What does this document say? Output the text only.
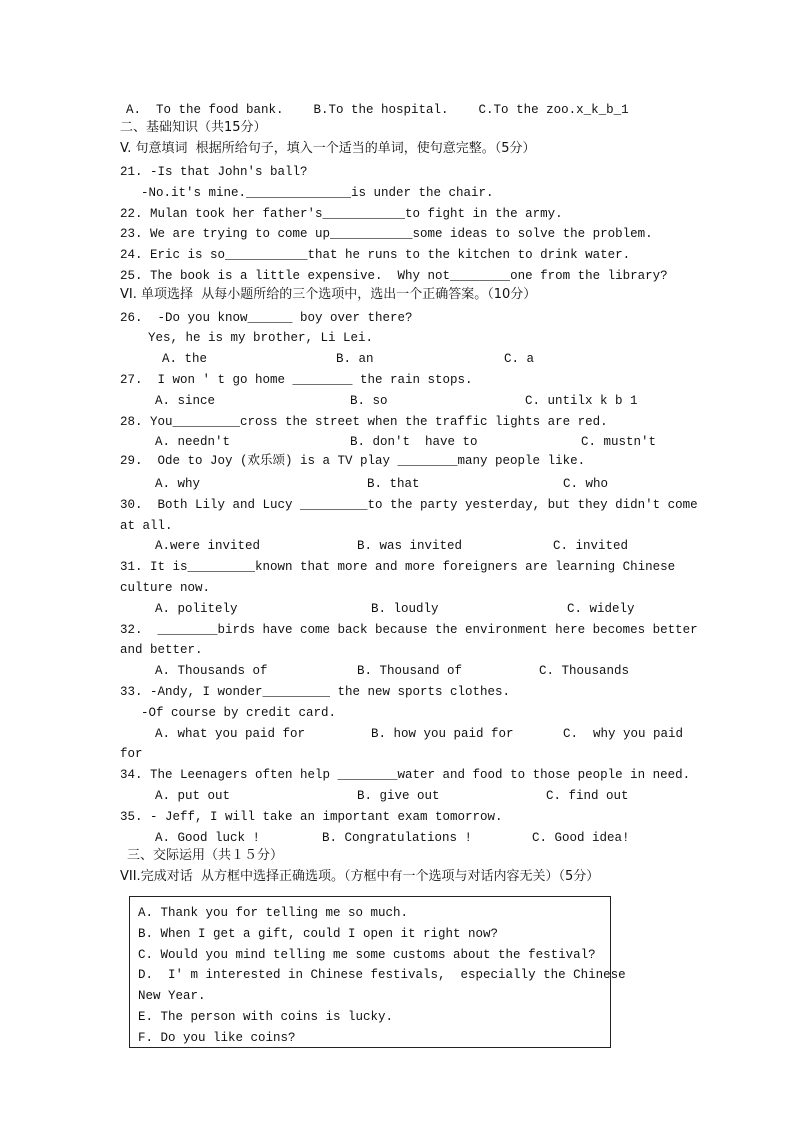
A.  To the food bank.    B.To the hospital.    C.To the zoo.x_k_b_1
二、基础知识（共15分）
V. 句意填词  根据所给句子，填入一个适当的单词，使句意完整。（5分）
21. -Is that John's ball?
-No.it's mine.______________is under the chair.
22. Mulan took her father's___________to fight in the army.
23. We are trying to come up___________some ideas to solve the problem.
24. Eric is so___________that he runs to the kitchen to drink water.
25. The book is a little expensive.  Why not________one from the library?
VI. 单项选择  从每小题所给的三个选项中，选出一个正确答案。（10分）
26.  -Do you know______ boy over there?
Yes, he is my brother, Li Lei.
A. the	B. an	C. a
27.  I won ' t go home ________ the rain stops.
A. since	B. so	C. untilx k b 1
28. You_________cross the street when the traffic lights are red.
A. needn't	B. don't  have to	C. mustn't
29.  Ode to Joy (欢乐颂) is a TV play ________many people like.
A. why	B. that	C. who
30.  Both Lily and Lucy _________to the party yesterday, but they didn't come
at all.
A.were invited	B. was invited	C. invited
31. It is_________known that more and more foreigners are learning Chinese
culture now.
A. politely	B. loudly	C. widely
32.  ________birds have come back because the environment here becomes better
and better.
A. Thousands of	B. Thousand of	C. Thousands
33. -Andy, I wonder_________ the new sports clothes.
-Of course by credit card.
A. what you paid for	B. how you paid for	C.  why you paid
for
34. The Leenagers often help ________water and food to those people in need.
A. put out	B. give out	C. find out
35. - Jeff, I will take an important exam tomorrow.
A. Good luck !	B. Congratulations !	C. Good idea!
三、交际运用（共１５分）
VII.完成对话  从方框中选择正确选项。（方框中有一个选项与对话内容无关）（5分）
A. Thank you for telling me so much.
B. When I get a gift, could I open it right now?
C. Would you mind telling me some customs about the festival?
D.  I' m interested in Chinese festivals,  especially the Chinese
New Year.
E. The person with coins is lucky.
F. Do you like coins?
